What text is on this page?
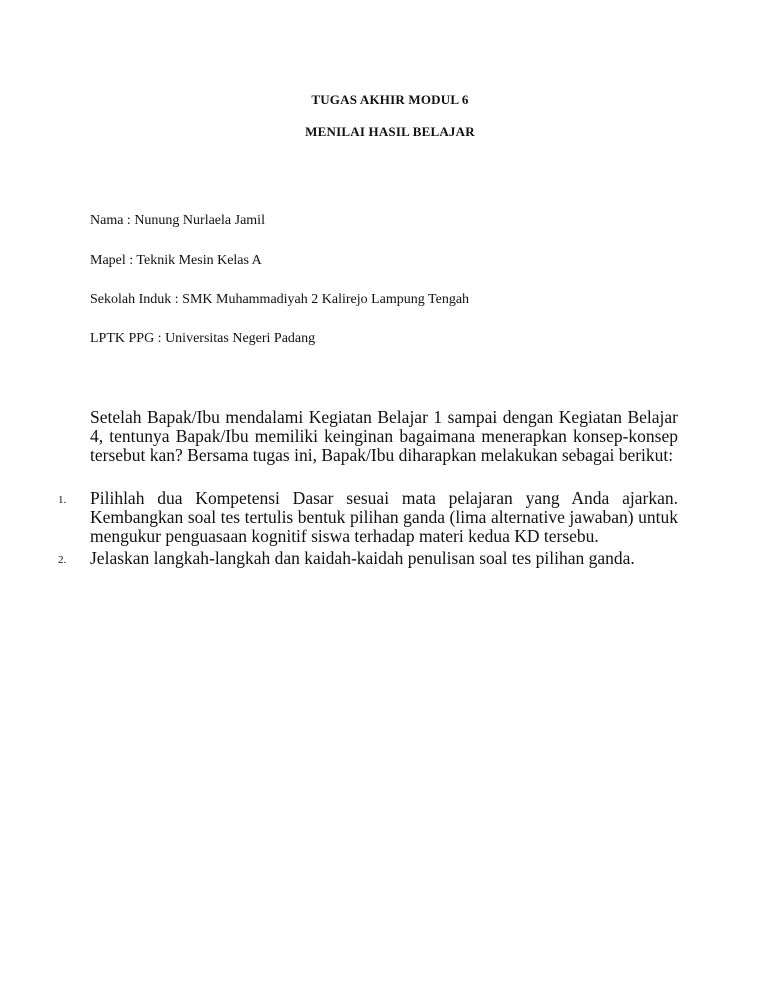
TUGAS AKHIR MODUL 6
MENILAI HASIL BELAJAR
Nama : Nunung Nurlaela Jamil
Mapel : Teknik Mesin Kelas A
Sekolah Induk : SMK Muhammadiyah 2 Kalirejo Lampung Tengah
LPTK PPG : Universitas Negeri Padang
Setelah Bapak/Ibu mendalami Kegiatan Belajar 1 sampai dengan Kegiatan Belajar 4, tentunya Bapak/Ibu memiliki keinginan bagaimana menerapkan konsep-konsep tersebut kan? Bersama tugas ini, Bapak/Ibu diharapkan melakukan sebagai berikut:
1. Pilihlah dua Kompetensi Dasar sesuai mata pelajaran yang Anda ajarkan. Kembangkan soal tes tertulis bentuk pilihan ganda (lima alternative jawaban) untuk mengukur penguasaan kognitif siswa terhadap materi kedua KD tersebu.
2. Jelaskan langkah-langkah dan kaidah-kaidah penulisan soal tes pilihan ganda.
